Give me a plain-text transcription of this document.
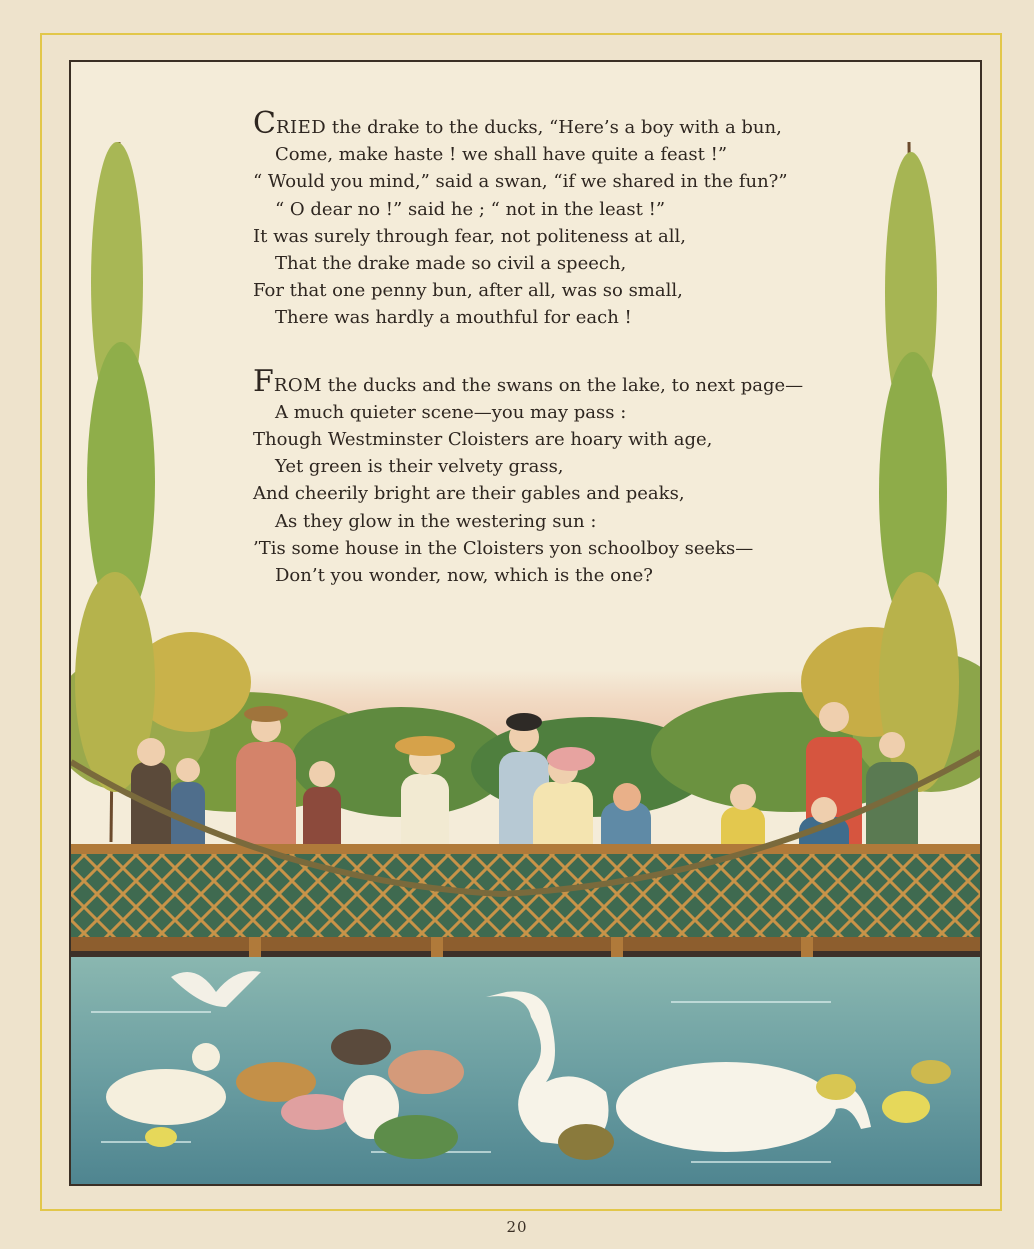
CRIED the drake to the ducks, “Here’s a boy with a bun,
Come, make haste ! we shall have quite a feast !”
“ Would you mind,” said a swan, “if we shared in the fun?”
“ O dear no !” said he ; “ not in the least !”
It was surely through fear, not politeness at all,
That the drake made so civil a speech,
For that one penny bun, after all, was so small,
There was hardly a mouthful for each !

FROM the ducks and the swans on the lake, to next page—
A much quieter scene—you may pass :
Though Westminster Cloisters are hoary with age,
Yet green is their velvety grass,
And cheerily bright are their gables and peaks,
As they glow in the westering sun :
’Tis some house in the Cloisters yon schoolboy seeks—
Don’t you wonder, now, which is the one?

20
